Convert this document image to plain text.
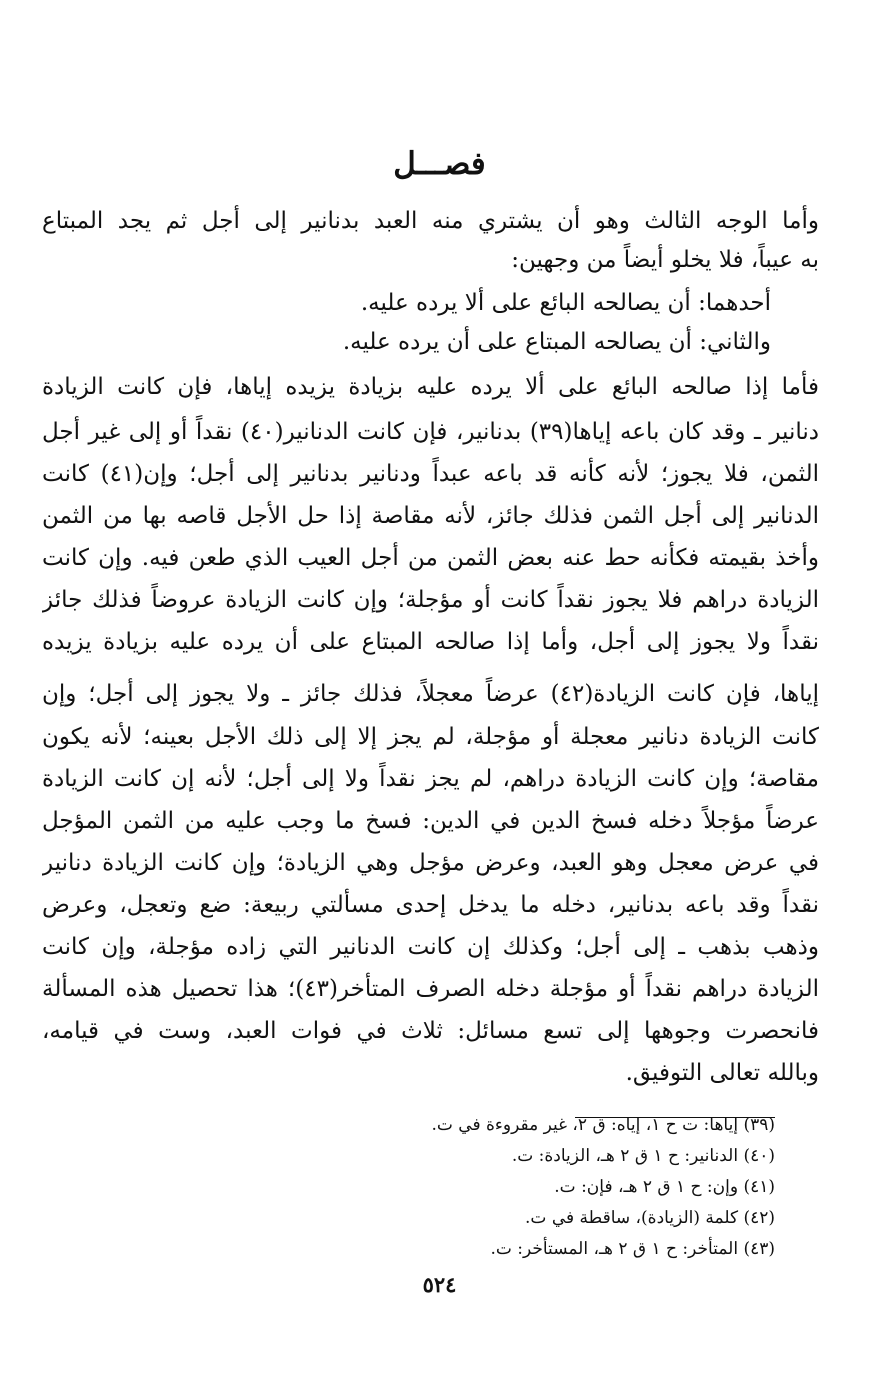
فصـــل
وأما الوجه الثالث وهو أن يشتري منه العبد بدنانير إلى أجل ثم يجد المبتاع
به عيباً، فلا يخلو أيضاً من وجهين:
أحدهما: أن يصالحه البائع على ألا يرده عليه.
والثاني: أن يصالحه المبتاع على أن يرده عليه.
فأما إذا صالحه البائع على ألا يرده عليه بزيادة يزيده إياها، فإن كانت الزيادة
دنانير ـ وقد كان باعه إياها(٣٩) بدنانير، فإن كانت الدنانير(٤٠) نقداً أو إلى غير أجل
الثمن، فلا يجوز؛ لأنه كأنه قد باعه عبداً ودنانير بدنانير إلى أجل؛ وإن(٤١) كانت
الدنانير إلى أجل الثمن فذلك جائز، لأنه مقاصة إذا حل الأجل قاصه بها من الثمن
وأخذ بقيمته فكأنه حط عنه بعض الثمن من أجل العيب الذي طعن فيه. وإن كانت
الزيادة دراهم فلا يجوز نقداً كانت أو مؤجلة؛ وإن كانت الزيادة عروضاً فذلك جائز
نقداً ولا يجوز إلى أجل، وأما إذا صالحه المبتاع على أن يرده عليه بزيادة يزيده
إياها، فإن كانت الزيادة(٤٢) عرضاً معجلاً، فذلك جائز ـ ولا يجوز إلى أجل؛ وإن
كانت الزيادة دنانير معجلة أو مؤجلة، لم يجز إلا إلى ذلك الأجل بعينه؛ لأنه يكون
مقاصة؛ وإن كانت الزيادة دراهم، لم يجز نقداً ولا إلى أجل؛ لأنه إن كانت الزيادة
عرضاً مؤجلاً دخله فسخ الدين في الدين: فسخ ما وجب عليه من الثمن المؤجل
في عرض معجل وهو العبد، وعرض مؤجل وهي الزيادة؛ وإن كانت الزيادة دنانير
نقداً وقد باعه بدنانير، دخله ما يدخل إحدى مسألتي ربيعة: ضع وتعجل، وعرض
وذهب بذهب ـ إلى أجل؛ وكذلك إن كانت الدنانير التي زاده مؤجلة، وإن كانت
الزيادة دراهم نقداً أو مؤجلة دخله الصرف المتأخر(٤٣)؛ هذا تحصيل هذه المسألة
فانحصرت وجوهها إلى تسع مسائل: ثلاث في فوات العبد، وست في قيامه،
وبالله تعالى التوفيق.
(٣٩) إياها: ت ح ١، إياه: ق ٢، غير مقروءة في ت.
(٤٠) الدنانير: ح ١ ق ٢ هـ، الزيادة: ت.
(٤١) وإن: ح ١ ق ٢ هـ، فإن: ت.
(٤٢) كلمة (الزيادة)، ساقطة في ت.
(٤٣) المتأخر: ح ١ ق ٢ هـ، المستأخر: ت.
٥٢٤
